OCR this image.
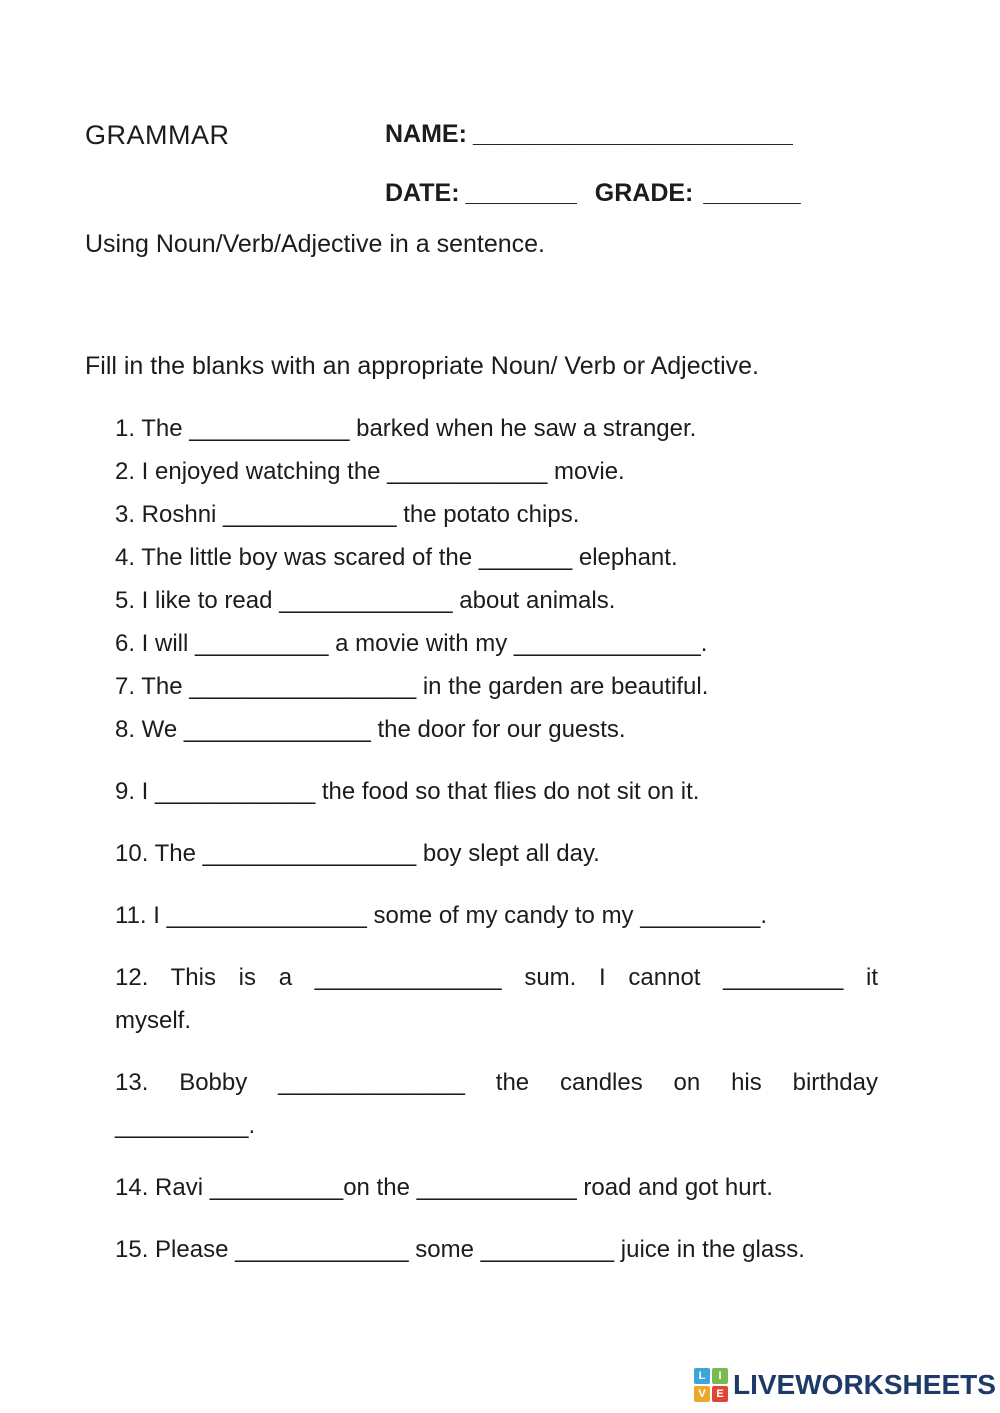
GRAMMAR	NAME: _______________________
DATE: ________ GRADE: _______
Using Noun/Verb/Adjective in a sentence.
Fill in the blanks with an appropriate Noun/ Verb or Adjective.
1. The ____________ barked when he saw a stranger.
2. I enjoyed watching the ____________ movie.
3. Roshni _____________ the potato chips.
4. The little boy was scared of the _______ elephant.
5. I like to read _____________ about animals.
6. I will __________ a movie with my ______________.
7. The _________________ in the garden are beautiful.
8. We ______________ the door for our guests.
9. I ____________ the food so that flies do not sit on it.
10. The ________________ boy slept all day.
11. I _______________ some of my candy to my _________.
12. This is a ______________ sum. I cannot _________ it
myself.
13. Bobby ______________ the candles on his birthday
__________.
14. Ravi __________on the ____________ road and got hurt.
15. Please _____________ some __________ juice in the glass.
L	I
V E LIVEWORKSHEETS
